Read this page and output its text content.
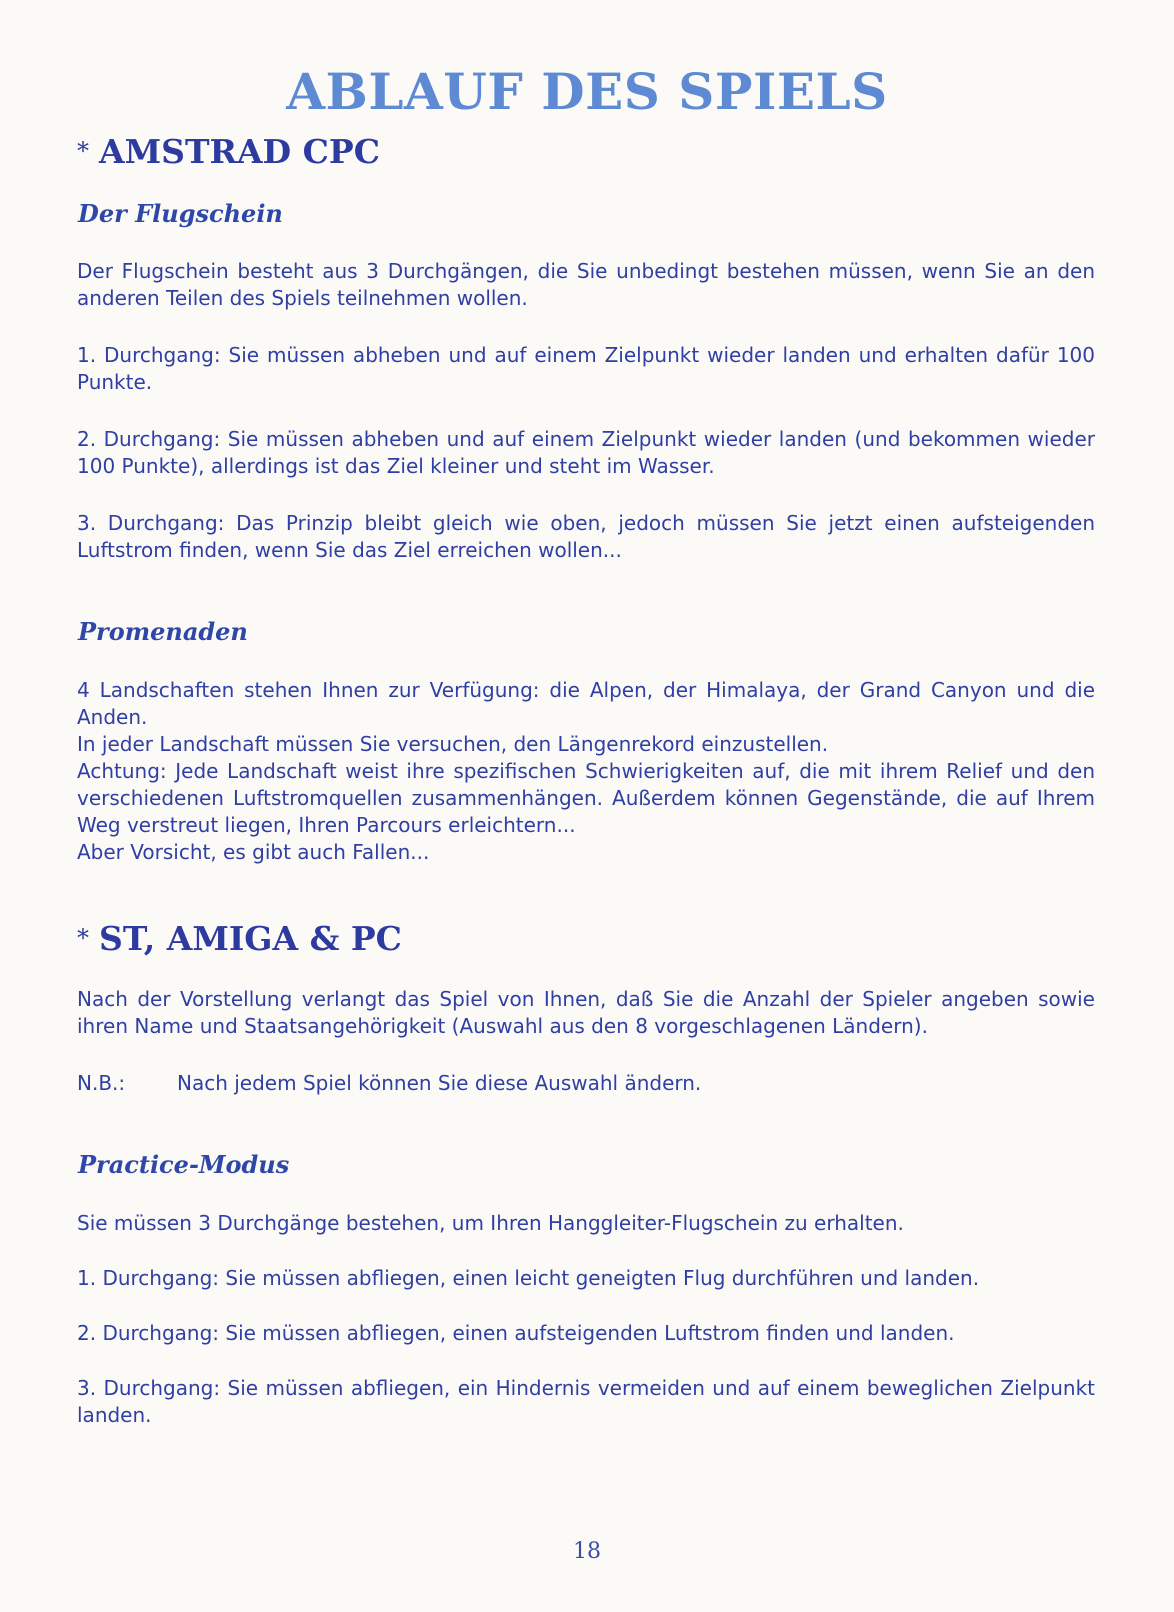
ABLAUF DES SPIELS
* AMSTRAD CPC
Der Flugschein

Der Flugschein besteht aus 3 Durchgängen, die Sie unbedingt bestehen müssen, wenn Sie an den anderen Teilen des Spiels teilnehmen wollen.

1. Durchgang: Sie müssen abheben und auf einem Zielpunkt wieder landen und erhalten dafür 100 Punkte.

2. Durchgang: Sie müssen abheben und auf einem Zielpunkt wieder landen (und bekommen wieder 100 Punkte), allerdings ist das Ziel kleiner und steht im Wasser.

3. Durchgang: Das Prinzip bleibt gleich wie oben, jedoch müssen Sie jetzt einen aufsteigenden Luftstrom finden, wenn Sie das Ziel erreichen wollen...

Promenaden

4 Landschaften stehen Ihnen zur Verfügung: die Alpen, der Himalaya, der Grand Canyon und die Anden.

In jeder Landschaft müssen Sie versuchen, den Längenrekord einzustellen.

Achtung: Jede Landschaft weist ihre spezifischen Schwierigkeiten auf, die mit ihrem Relief und den verschiedenen Luftstromquellen zusammenhängen. Außerdem können Gegenstände, die auf Ihrem Weg verstreut liegen, Ihren Parcours erleichtern...

Aber Vorsicht, es gibt auch Fallen...

* ST, AMIGA & PC

Nach der Vorstellung verlangt das Spiel von Ihnen, daß Sie die Anzahl der Spieler angeben sowie ihren Name und Staatsangehörigkeit (Auswahl aus den 8 vorgeschlagenen Ländern).

N.B.:	Nach jedem Spiel können Sie diese Auswahl ändern.
Practice-Modus

Sie müssen 3 Durchgänge bestehen, um Ihren Hanggleiter-Flugschein zu erhalten.

1. Durchgang: Sie müssen abfliegen, einen leicht geneigten Flug durchführen und landen.

2. Durchgang: Sie müssen abfliegen, einen aufsteigenden Luftstrom finden und landen.

3. Durchgang: Sie müssen abfliegen, ein Hindernis vermeiden und auf einem beweglichen Zielpunkt landen.

18
